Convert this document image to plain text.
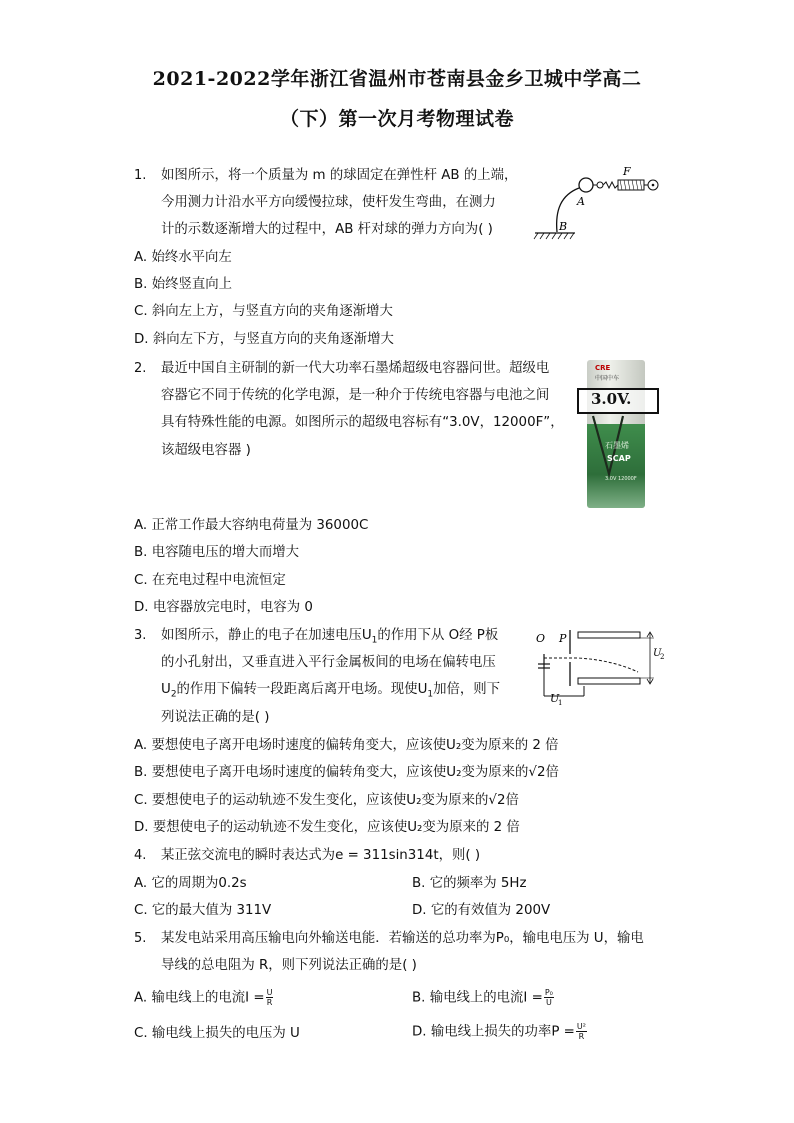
2021-2022学年浙江省温州市苍南县金乡卫城中学高二
（下）第一次月考物理试卷
1. 如图所示，将一个质量为 m 的球固定在弹性杆 AB 的上端，
今用测力计沿水平方向缓慢拉球，使杆发生弯曲，在测力
计的示数逐渐增大的过程中，AB 杆对球的弹力方向为( )
A. 始终水平向左
B. 始终竖直向上
C. 斜向左上方，与竖直方向的夹角逐渐增大
D. 斜向左下方，与竖直方向的夹角逐渐增大
A
B
F
2. 最近中国自主研制的新一代大功率石墨烯超级电容器问世。超级电
容器它不同于传统的化学电源，是一种介于传统电容器与电池之间
具有特殊性能的电源。如图所示的超级电容标有“3.0V，12000F”，
该超级电容器 )
CRE
中国中车
石墨烯
SCAP
3.0V 12000F
3.0V.
A. 正常工作最大容纳电荷量为 36000C
B. 电容随电压的增大而增大
C. 在充电过程中电流恒定
D. 电容器放完电时，电容为 0
3. 如图所示，静止的电子在加速电压$U_1$的作用下从 O经 P板
的小孔射出，又垂直进入平行金属板间的电场在偏转电压
$U_2$的作用下偏转一段距离后离开电场。现使$U_1$加倍，则下
列说法正确的是( )
O P
U
2
U
1
A. 要想使电子离开电场时速度的偏转角变大，应该使U₂变为原来的 2 倍
B. 要想使电子离开电场时速度的偏转角变大，应该使U₂变为原来的√2倍
C. 要想使电子的运动轨迹不发生变化，应该使U₂变为原来的√2倍
D. 要想使电子的运动轨迹不发生变化，应该使U₂变为原来的 2 倍
4. 某正弦交流电的瞬时表达式为e = 311sin314t，则( )
A. 它的周期为0.2s	B. 它的频率为 5Hz
C. 它的最大值为 311V	D. 它的有效值为 200V
5. 某发电站采用高压输电向外输送电能．若输送的总功率为P₀，输电电压为 U，输电
导线的总电阻为 R，则下列说法正确的是( )
A. 输电线上的电流$I = \frac{U}{R}$	B. 输电线上的电流$I = \frac{\text{P₀}}{U}$
C. 输电线上损失的电压为 U	D. 输电线上损失的功率$P = \frac{\text{U²}}{R}$
